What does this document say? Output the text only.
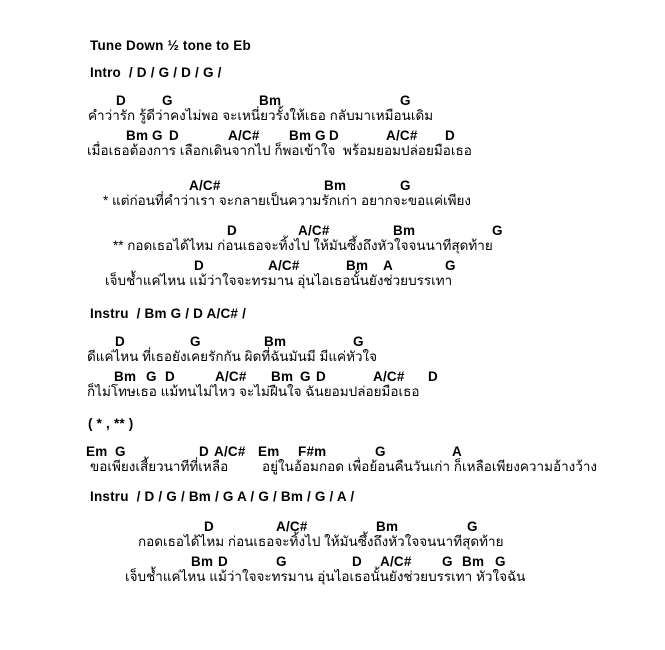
Tune Down ½ tone to Eb
Intro  / D / G / D / G /
D	G	Bm	G
คำว่ารัก รู้ดีว่าคงไม่พอ จะเหนี่ยวรั้งให้เธอ กลับมาเหมือนเดิม
Bm G D	A/C# Bm G D	A/C# D
เมื่อเธอต้องการ เลือกเดินจากไป ก็พอเข้าใจ  พร้อมยอมปล่อยมือเธอ
A/C#	Bm	G
* แต่ก่อนที่คำว่าเรา จะกลายเป็นความรักเก่า อยากจะขอแค่เพียง
D	A/C#	Bm	G
** กอดเธอได้ไหม ก่อนเธอจะทิ้งไป ให้มันซึ้งถึงหัวใจจนนาทีสุดท้าย
D	A/C#	Bm A	G
เจ็บช้ำแค่ไหน แม้ว่าใจจะทรมาน อุ่นไอเธอนั้นยังช่วยบรรเทา
Instru  / Bm G / D A/C# /
D	G	Bm	G
ดีแค่ไหน ที่เธอยังเคยรักกัน ผิดที่ฉันมันมี มีแค่หัวใจ
Bm G D	A/C# Bm G D	A/C# D
ก็ไม่โทษเธอ แม้ทนไม่ไหว จะไม่ฝืนใจ ฉันยอมปล่อยมือเธอ
( * , ** )
Em G	D A/C# Em F#m	G	A
ขอเพียงเสี้ยวนาทีที่เหลือ	อยู่ในอ้อมกอด เพื่อย้อนคืนวันเก่า ก็เหลือเพียงความอ้างว้าง
Instru  / D / G / Bm / G A / G / Bm / G / A /
D	A/C#	Bm	G
กอดเธอได้ไหม ก่อนเธอจะทิ้งไป ให้มันซึ้งถึงหัวใจจนนาทีสุดท้าย
Bm D	G	D A/C# G Bm G
เจ็บช้ำแค่ไหน แม้ว่าใจจะทรมาน อุ่นไอเธอนั้นยังช่วยบรรเทา หัวใจฉัน
